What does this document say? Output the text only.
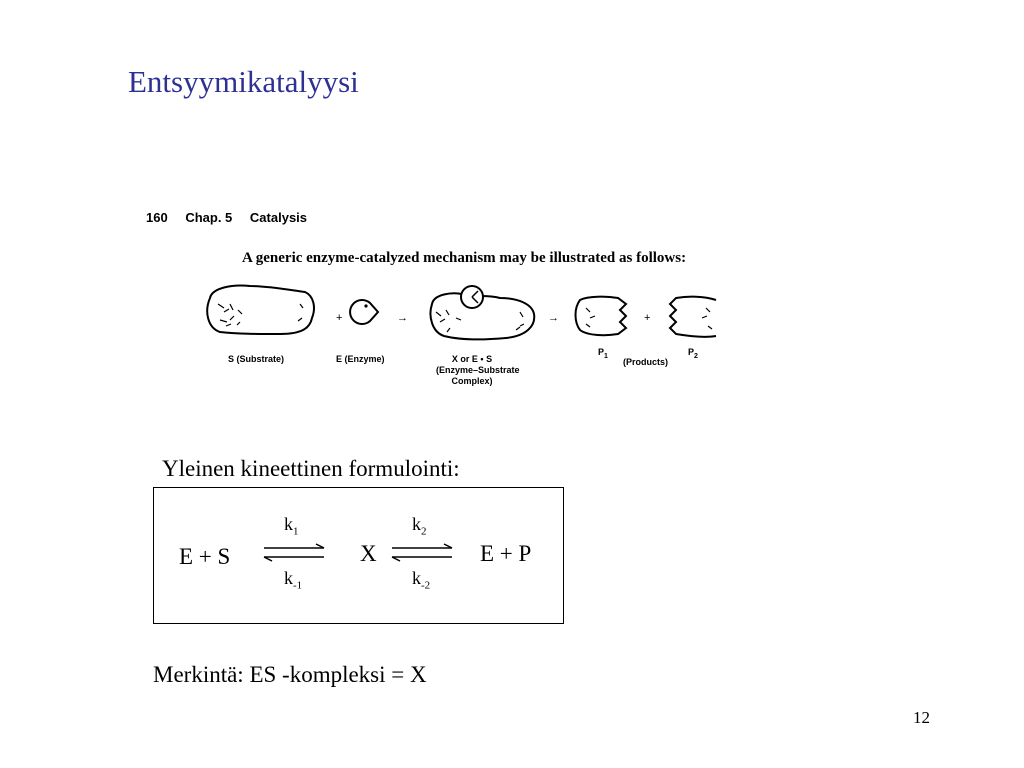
Entsyymikatalyysi
160 Chap. 5 Catalysis
A generic enzyme-catalyzed mechanism may be illustrated as follows:
+	→	→	+
S (Substrate)	E (Enzyme)	X or E • S
(Enzyme–Substrate
Complex)
$P_1$
(Products)
$P_2$
Yleinen kineettinen formulointi:
E + S
$k_1$
$k_{-1}$
X
$k_2$
$k_{-2}$
E + P
Merkintä: ES -kompleksi = X
12
